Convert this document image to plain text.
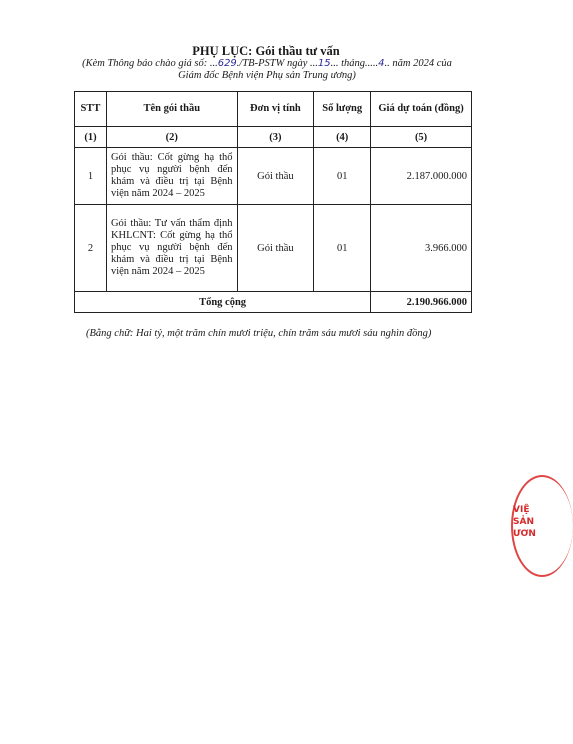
PHỤ LỤC: Gói thầu tư vấn
(Kèm Thông báo chào giá số: ...629./TB-PSTW ngày ...15... tháng.....4.. năm 2024 của
Giám đốc Bệnh viện Phụ sản Trung ương)
STT	Tên gói thầu	Đơn vị tính	Số lượng	Giá dự toán (đồng)
(1)	(2)	(3)	(4)	(5)
1	Gói thầu: Cốt gừng hạ thổ phục vụ người bệnh đến khám và điều trị tại Bệnh viện năm 2024 – 2025	Gói thầu	01	2.187.000.000
2	Gói thầu: Tư vấn thẩm định KHLCNT: Cốt gừng hạ thổ phục vụ người bệnh đến khám và điều trị tại Bệnh viện năm 2024 – 2025	Gói thầu	01	3.966.000
Tổng cộng				2.190.966.000
(Bằng chữ: Hai tỷ, một trăm chín mươi triệu, chín trăm sáu mươi sáu nghìn đồng)
VIỆ
SẢN
ƯƠN
